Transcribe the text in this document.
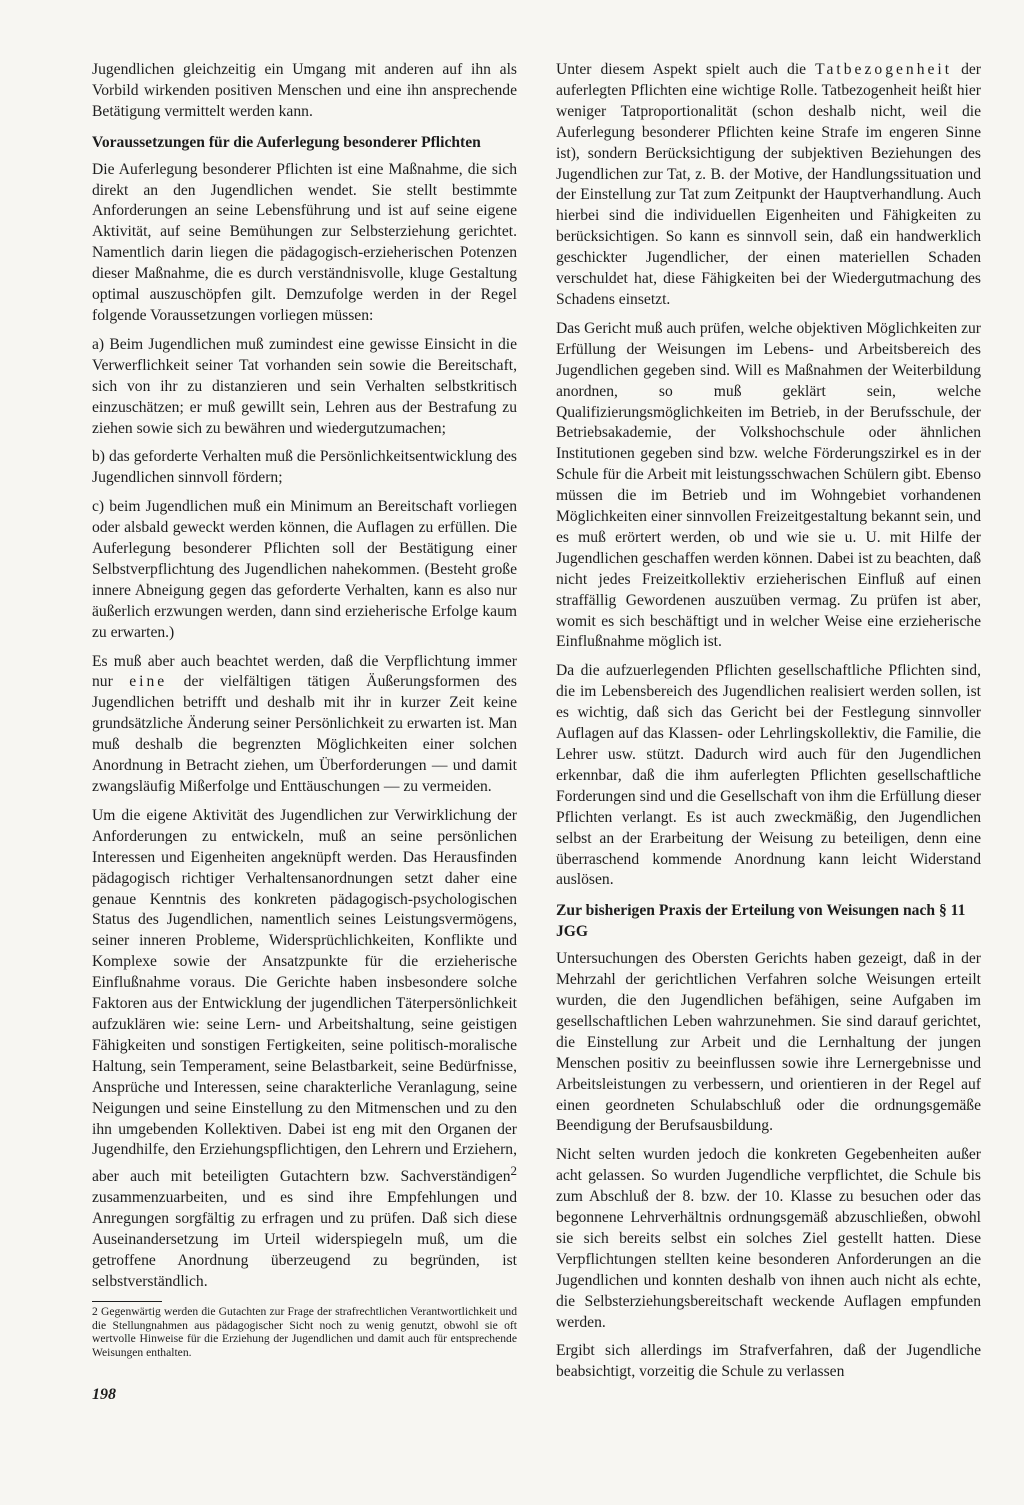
Jugendlichen gleichzeitig ein Umgang mit anderen auf ihn als Vorbild wirkenden positiven Menschen und eine ihn ansprechende Betätigung vermittelt werden kann.

Voraussetzungen für die Auferlegung besonderer Pflichten

Die Auferlegung besonderer Pflichten ist eine Maßnahme, die sich direkt an den Jugendlichen wendet. Sie stellt bestimmte Anforderungen an seine Lebensführung und ist auf seine eigene Aktivität, auf seine Bemühungen zur Selbsterziehung gerichtet. Namentlich darin liegen die pädagogisch-erzieherischen Potenzen dieser Maßnahme, die es durch verständnisvolle, kluge Gestaltung optimal auszuschöpfen gilt. Demzufolge werden in der Regel folgende Voraussetzungen vorliegen müssen:

a) Beim Jugendlichen muß zumindest eine gewisse Einsicht in die Verwerflichkeit seiner Tat vorhanden sein sowie die Bereitschaft, sich von ihr zu distanzieren und sein Verhalten selbstkritisch einzuschätzen; er muß gewillt sein, Lehren aus der Bestrafung zu ziehen sowie sich zu bewähren und wiedergutzumachen;

b) das geforderte Verhalten muß die Persönlichkeitsentwicklung des Jugendlichen sinnvoll fördern;

c) beim Jugendlichen muß ein Minimum an Bereitschaft vorliegen oder alsbald geweckt werden können, die Auflagen zu erfüllen. Die Auferlegung besonderer Pflichten soll der Bestätigung einer Selbstverpflichtung des Jugendlichen nahekommen. (Besteht große innere Abneigung gegen das geforderte Verhalten, kann es also nur äußerlich erzwungen werden, dann sind erzieherische Erfolge kaum zu erwarten.)

Es muß aber auch beachtet werden, daß die Verpflichtung immer nur eine der vielfältigen tätigen Äußerungsformen des Jugendlichen betrifft und deshalb mit ihr in kurzer Zeit keine grundsätzliche Änderung seiner Persönlichkeit zu erwarten ist. Man muß deshalb die begrenzten Möglichkeiten einer solchen Anordnung in Betracht ziehen, um Überforderungen — und damit zwangsläufig Mißerfolge und Enttäuschungen — zu vermeiden.

Um die eigene Aktivität des Jugendlichen zur Verwirklichung der Anforderungen zu entwickeln, muß an seine persönlichen Interessen und Eigenheiten angeknüpft werden. Das Herausfinden pädagogisch richtiger Verhaltensanordnungen setzt daher eine genaue Kenntnis des konkreten pädagogisch-psychologischen Status des Jugendlichen, namentlich seines Leistungsvermögens, seiner inneren Probleme, Widersprüchlichkeiten, Konflikte und Komplexe sowie der Ansatzpunkte für die erzieherische Einflußnahme voraus. Die Gerichte haben insbesondere solche Faktoren aus der Entwicklung der jugendlichen Täterpersönlichkeit aufzuklären wie: seine Lern- und Arbeitshaltung, seine geistigen Fähigkeiten und sonstigen Fertigkeiten, seine politisch-moralische Haltung, sein Temperament, seine Belastbarkeit, seine Bedürfnisse, Ansprüche und Interessen, seine charakterliche Veranlagung, seine Neigungen und seine Einstellung zu den Mitmenschen und zu den ihn umgebenden Kollektiven. Dabei ist eng mit den Organen der Jugendhilfe, den Erziehungspflichtigen, den Lehrern und Erziehern, aber auch mit beteiligten Gutachtern bzw. Sachverständigen$^2$ zusammenzuarbeiten, und es sind ihre Empfehlungen und Anregungen sorgfältig zu erfragen und zu prüfen. Daß sich diese Auseinandersetzung im Urteil widerspiegeln muß, um die getroffene Anordnung überzeugend zu begründen, ist selbstverständlich.

2 Gegenwärtig werden die Gutachten zur Frage der strafrechtlichen Verantwortlichkeit und die Stellungnahmen aus pädagogischer Sicht noch zu wenig genutzt, obwohl sie oft wertvolle Hinweise für die Erziehung der Jugendlichen und damit auch für entsprechende Weisungen enthalten.

Unter diesem Aspekt spielt auch die Tatbezogenheit der auferlegten Pflichten eine wichtige Rolle. Tatbezogenheit heißt hier weniger Tatproportionalität (schon deshalb nicht, weil die Auferlegung besonderer Pflichten keine Strafe im engeren Sinne ist), sondern Berücksichtigung der subjektiven Beziehungen des Jugendlichen zur Tat, z. B. der Motive, der Handlungssituation und der Einstellung zur Tat zum Zeitpunkt der Hauptverhandlung. Auch hierbei sind die individuellen Eigenheiten und Fähigkeiten zu berücksichtigen. So kann es sinnvoll sein, daß ein handwerklich geschickter Jugendlicher, der einen materiellen Schaden verschuldet hat, diese Fähigkeiten bei der Wiedergutmachung des Schadens einsetzt.

Das Gericht muß auch prüfen, welche objektiven Möglichkeiten zur Erfüllung der Weisungen im Lebens- und Arbeitsbereich des Jugendlichen gegeben sind. Will es Maßnahmen der Weiterbildung anordnen, so muß geklärt sein, welche Qualifizierungsmöglichkeiten im Betrieb, in der Berufsschule, der Betriebsakademie, der Volkshochschule oder ähnlichen Institutionen gegeben sind bzw. welche Förderungszirkel es in der Schule für die Arbeit mit leistungsschwachen Schülern gibt. Ebenso müssen die im Betrieb und im Wohngebiet vorhandenen Möglichkeiten einer sinnvollen Freizeitgestaltung bekannt sein, und es muß erörtert werden, ob und wie sie u. U. mit Hilfe der Jugendlichen geschaffen werden können. Dabei ist zu beachten, daß nicht jedes Freizeitkollektiv erzieherischen Einfluß auf einen straffällig Gewordenen auszuüben vermag. Zu prüfen ist aber, womit es sich beschäftigt und in welcher Weise eine erzieherische Einflußnahme möglich ist.

Da die aufzuerlegenden Pflichten gesellschaftliche Pflichten sind, die im Lebensbereich des Jugendlichen realisiert werden sollen, ist es wichtig, daß sich das Gericht bei der Festlegung sinnvoller Auflagen auf das Klassen- oder Lehrlingskollektiv, die Familie, die Lehrer usw. stützt. Dadurch wird auch für den Jugendlichen erkennbar, daß die ihm auferlegten Pflichten gesellschaftliche Forderungen sind und die Gesellschaft von ihm die Erfüllung dieser Pflichten verlangt. Es ist auch zweckmäßig, den Jugendlichen selbst an der Erarbeitung der Weisung zu beteiligen, denn eine überraschend kommende Anordnung kann leicht Widerstand auslösen.

Zur bisherigen Praxis der Erteilung von Weisungen nach § 11 JGG

Untersuchungen des Obersten Gerichts haben gezeigt, daß in der Mehrzahl der gerichtlichen Verfahren solche Weisungen erteilt wurden, die den Jugendlichen befähigen, seine Aufgaben im gesellschaftlichen Leben wahrzunehmen. Sie sind darauf gerichtet, die Einstellung zur Arbeit und die Lernhaltung der jungen Menschen positiv zu beeinflussen sowie ihre Lernergebnisse und Arbeitsleistungen zu verbessern, und orientieren in der Regel auf einen geordneten Schulabschluß oder die ordnungsgemäße Beendigung der Berufsausbildung.

Nicht selten wurden jedoch die konkreten Gegebenheiten außer acht gelassen. So wurden Jugendliche verpflichtet, die Schule bis zum Abschluß der 8. bzw. der 10. Klasse zu besuchen oder das begonnene Lehrverhältnis ordnungsgemäß abzuschließen, obwohl sie sich bereits selbst ein solches Ziel gestellt hatten. Diese Verpflichtungen stellten keine besonderen Anforderungen an die Jugendlichen und konnten deshalb von ihnen auch nicht als echte, die Selbsterziehungsbereitschaft weckende Auflagen empfunden werden.

Ergibt sich allerdings im Strafverfahren, daß der Jugendliche beabsichtigt, vorzeitig die Schule zu verlassen

198
